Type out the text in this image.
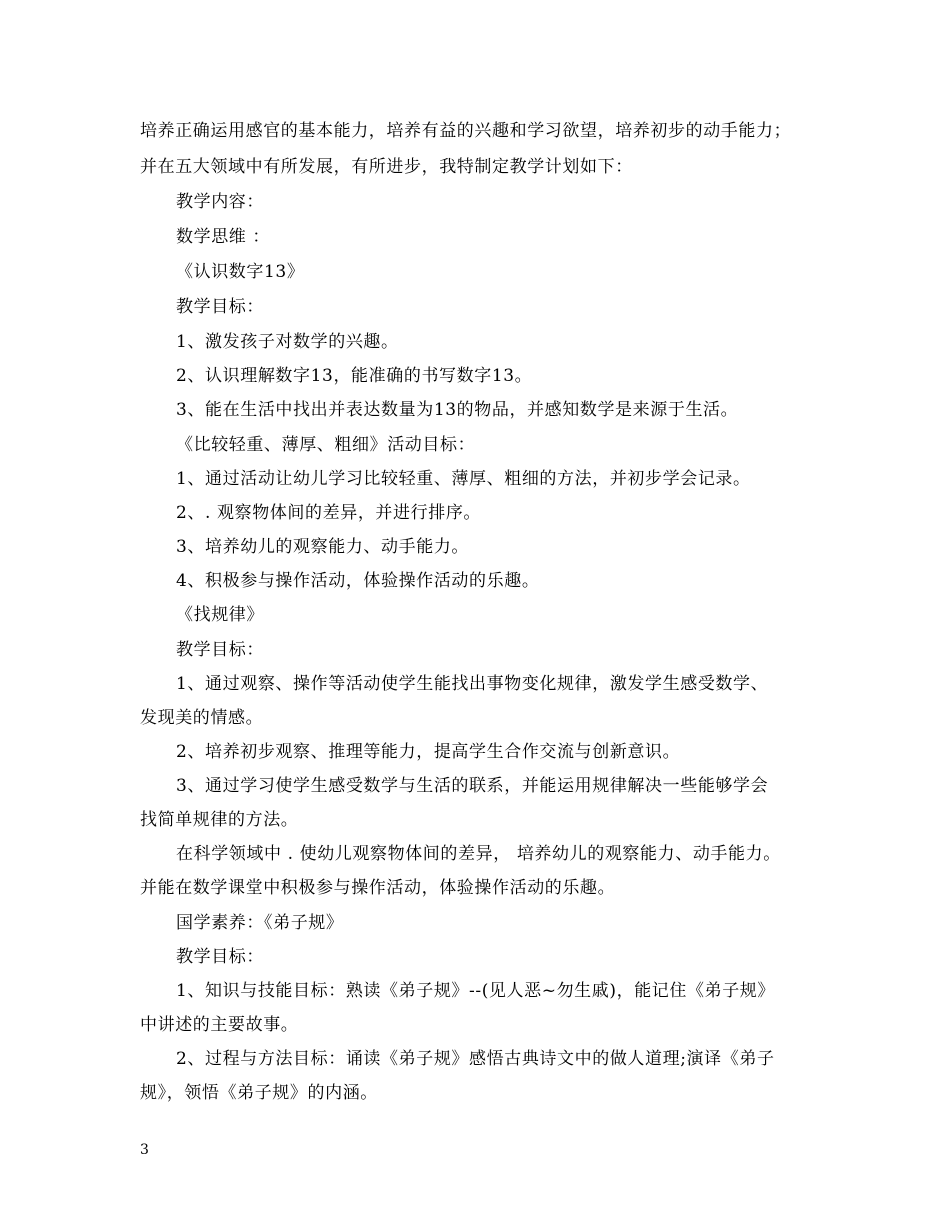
培养正确运用感官的基本能力，培养有益的兴趣和学习欲望，培养初步的动手能力；
并在五大领域中有所发展，有所进步，我特制定教学计划如下：
教学内容：
数学思维 ：
《认识数字13》
教学目标：
1、激发孩子对数学的兴趣。
2、认识理解数字13，能准确的书写数字13。
3、能在生活中找出并表达数量为13的物品，并感知数学是来源于生活。
《比较轻重、薄厚、粗细》活动目标：
1、通过活动让幼儿学习比较轻重、薄厚、粗细的方法，并初步学会记录。
2、. 观察物体间的差异，并进行排序。
3、培养幼儿的观察能力、动手能力。
4、积极参与操作活动，体验操作活动的乐趣。
《找规律》
教学目标：
1、通过观察、操作等活动使学生能找出事物变化规律，激发学生感受数学、
发现美的情感。
2、培养初步观察、推理等能力，提高学生合作交流与创新意识。
3、通过学习使学生感受数学与生活的联系，并能运用规律解决一些能够学会
找简单规律的方法。
在科学领域中 . 使幼儿观察物体间的差异， 培养幼儿的观察能力、动手能力。
并能在数学课堂中积极参与操作活动，体验操作活动的乐趣。
国学素养：《弟子规》
教学目标：
1、知识与技能目标：熟读《弟子规》--(见人恶~勿生戚)，能记住《弟子规》
中讲述的主要故事。
2、过程与方法目标：诵读《弟子规》感悟古典诗文中的做人道理;演译《弟子
规》，领悟《弟子规》的内涵。
3
